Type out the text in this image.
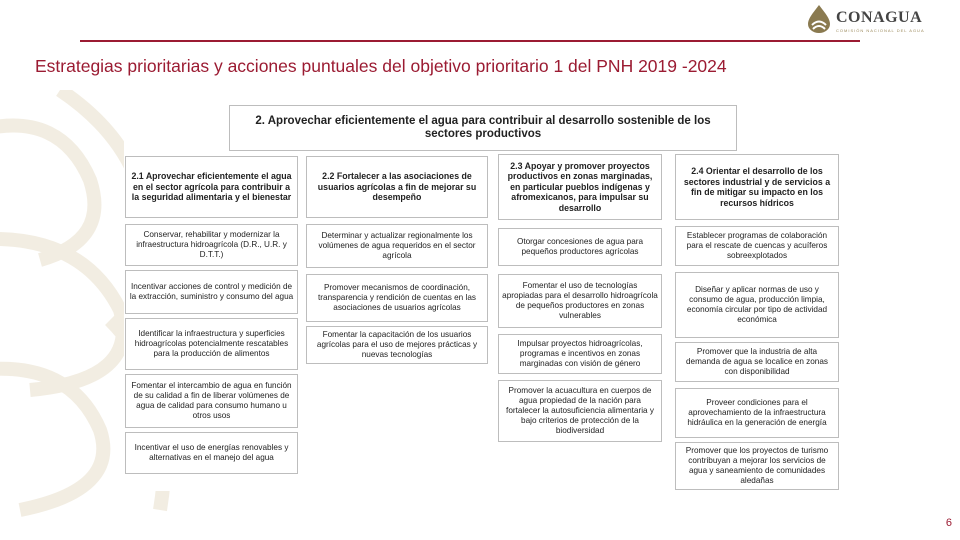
CONAGUA
COMISIÓN NACIONAL DEL AGUA
Estrategias prioritarias y acciones puntuales del objetivo prioritario 1 del PNH 2019 -2024
2. Aprovechar eficientemente el agua para contribuir al desarrollo sostenible de los sectores productivos
2.1 Aprovechar eficientemente el agua en el sector agrícola para contribuir a la seguridad alimentaria y el bienestar
Conservar, rehabilitar y modernizar la infraestructura hidroagrícola (D.R., U.R. y D.T.T.)
Incentivar acciones de control y medición de la extracción, suministro y consumo del agua
Identificar la infraestructura y superficies hidroagrícolas potencialmente rescatables para la producción de alimentos
Fomentar el intercambio de agua en función de su calidad a fin de liberar volúmenes de agua de calidad para consumo humano u otros usos
Incentivar el uso de energías renovables y alternativas en el manejo del agua
2.2 Fortalecer a las asociaciones de usuarios agrícolas a fin de mejorar su desempeño
Determinar y actualizar regionalmente los volúmenes de agua requeridos en el sector agrícola
Promover mecanismos de coordinación, transparencia y rendición de cuentas en las asociaciones de usuarios agrícolas
Fomentar la capacitación de los usuarios agrícolas para el uso de mejores prácticas y nuevas tecnologías
2.3 Apoyar y promover proyectos productivos en zonas marginadas, en particular pueblos indígenas y afromexicanos, para impulsar su desarrollo
Otorgar concesiones de agua para pequeños productores agrícolas
Fomentar el uso de tecnologías apropiadas para el desarrollo hidroagrícola de pequeños productores en zonas vulnerables
Impulsar proyectos hidroagrícolas, programas e incentivos en zonas marginadas con visión de género
Promover la acuacultura en cuerpos de agua propiedad de la nación para fortalecer la autosuficiencia alimentaria y bajo criterios de protección de la biodiversidad
2.4 Orientar el desarrollo de los sectores industrial y de servicios a fin de mitigar su impacto en los recursos hídricos
Establecer programas de colaboración para el rescate de cuencas y acuíferos sobreexplotados
Diseñar y aplicar normas de uso y consumo de agua, producción limpia, economía circular por tipo de actividad económica
Promover que la industria de alta demanda de agua se localice en zonas con disponibilidad
Proveer condiciones para el aprovechamiento de la infraestructura hidráulica en la generación de energía
Promover que los proyectos de turismo contribuyan a mejorar los servicios de agua y saneamiento de comunidades aledañas
6
